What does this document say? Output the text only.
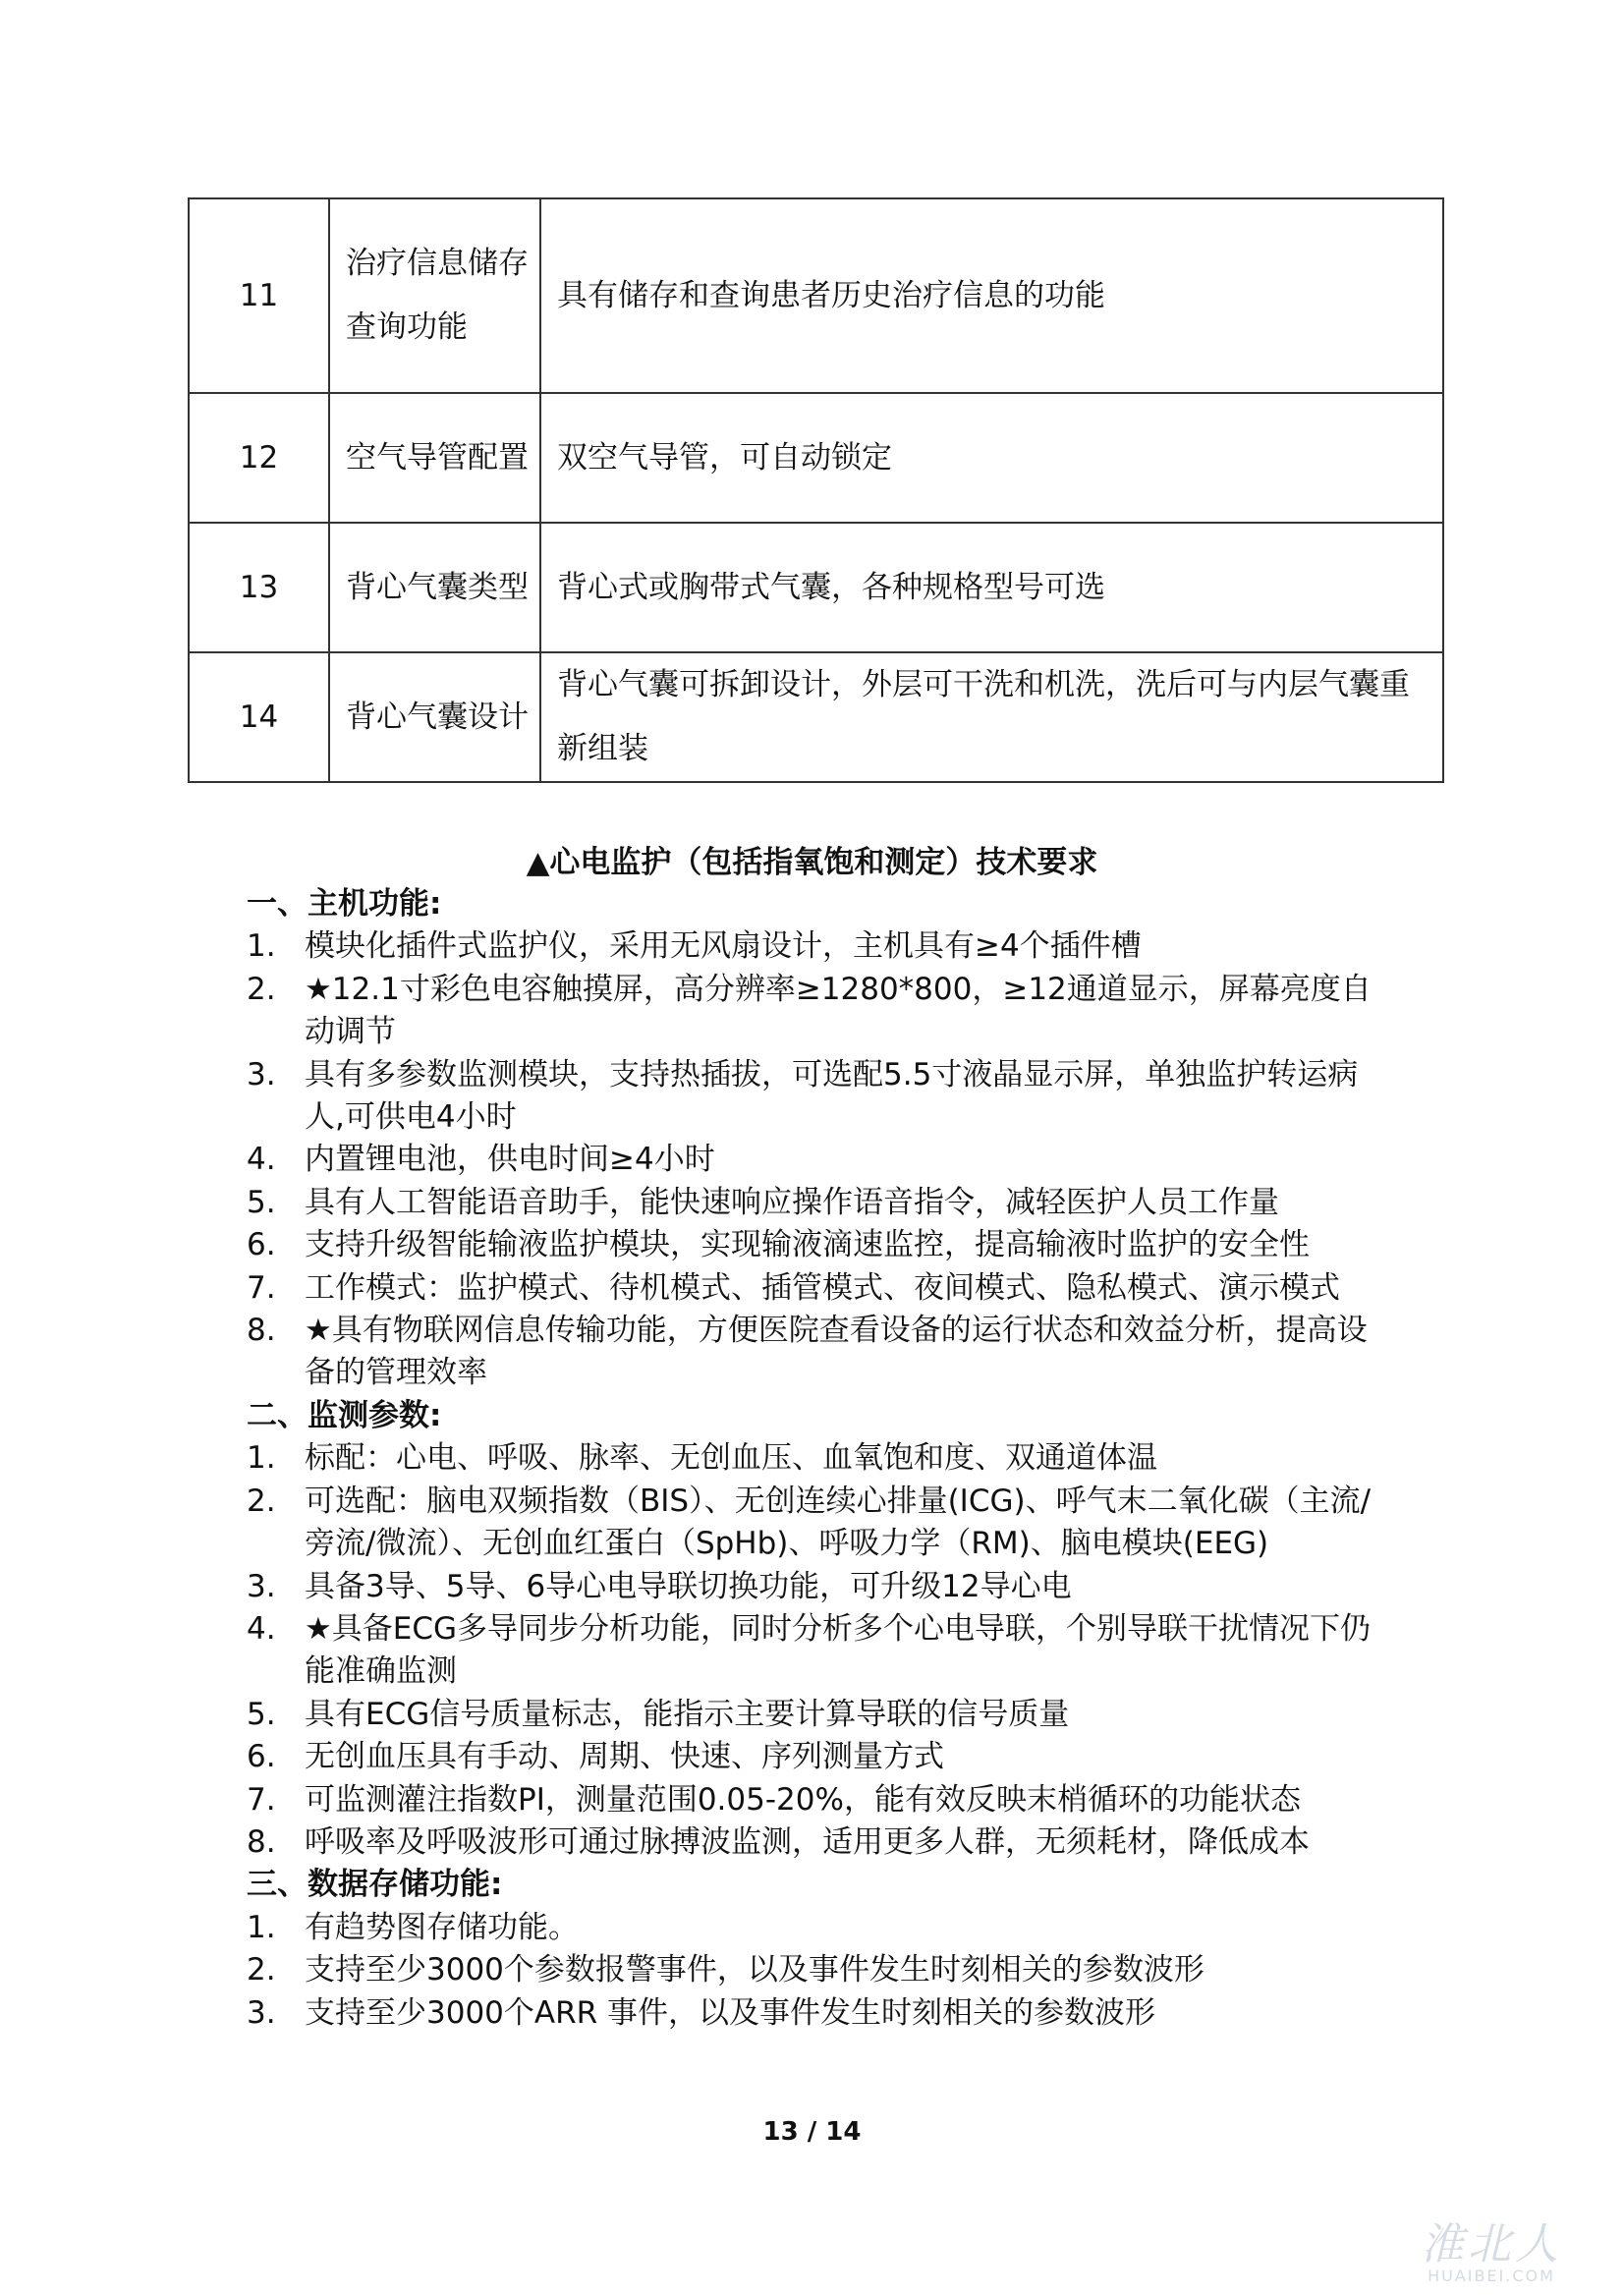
11	治疗信息储存查询功能	具有储存和查询患者历史治疗信息的功能
12	空气导管配置	双空气导管，可自动锁定
13	背心气囊类型	背心式或胸带式气囊，各种规格型号可选
14	背心气囊设计	背心气囊可拆卸设计，外层可干洗和机洗，洗后可与内层气囊重新组装
▲心电监护（包括指氧饱和测定）技术要求
一、主机功能:
1. 模块化插件式监护仪，采用无风扇设计，主机具有≥4个插件槽
2. ★12.1寸彩色电容触摸屏，高分辨率≥1280*800，≥12通道显示，屏幕亮度自动调节
3. 具有多参数监测模块，支持热插拔，可选配5.5寸液晶显示屏，单独监护转运病人,可供电4小时
4. 内置锂电池，供电时间≥4小时
5. 具有人工智能语音助手，能快速响应操作语音指令，减轻医护人员工作量
6. 支持升级智能输液监护模块，实现输液滴速监控，提高输液时监护的安全性
7. 工作模式：监护模式、待机模式、插管模式、夜间模式、隐私模式、演示模式
8. ★具有物联网信息传输功能，方便医院查看设备的运行状态和效益分析，提高设备的管理效率
二、监测参数:
1. 标配：心电、呼吸、脉率、无创血压、血氧饱和度、双通道体温
2. 可选配：脑电双频指数（BIS）、无创连续心排量(ICG)、呼气末二氧化碳（主流/旁流/微流）、无创血红蛋白（SpHb)、呼吸力学（RM)、脑电模块(EEG)
3. 具备3导、5导、6导心电导联切换功能，可升级12导心电
4. ★具备ECG多导同步分析功能，同时分析多个心电导联，个别导联干扰情况下仍能准确监测
5. 具有ECG信号质量标志，能指示主要计算导联的信号质量
6. 无创血压具有手动、周期、快速、序列测量方式
7. 可监测灌注指数PI，测量范围0.05-20%，能有效反映末梢循环的功能状态
8. 呼吸率及呼吸波形可通过脉搏波监测，适用更多人群，无须耗材，降低成本
三、数据存储功能:
1. 有趋势图存储功能。
2. 支持至少3000个参数报警事件，以及事件发生时刻相关的参数波形
3. 支持至少3000个ARR 事件，以及事件发生时刻相关的参数波形
13 / 14
淮北人
HUAIBEI.COM
